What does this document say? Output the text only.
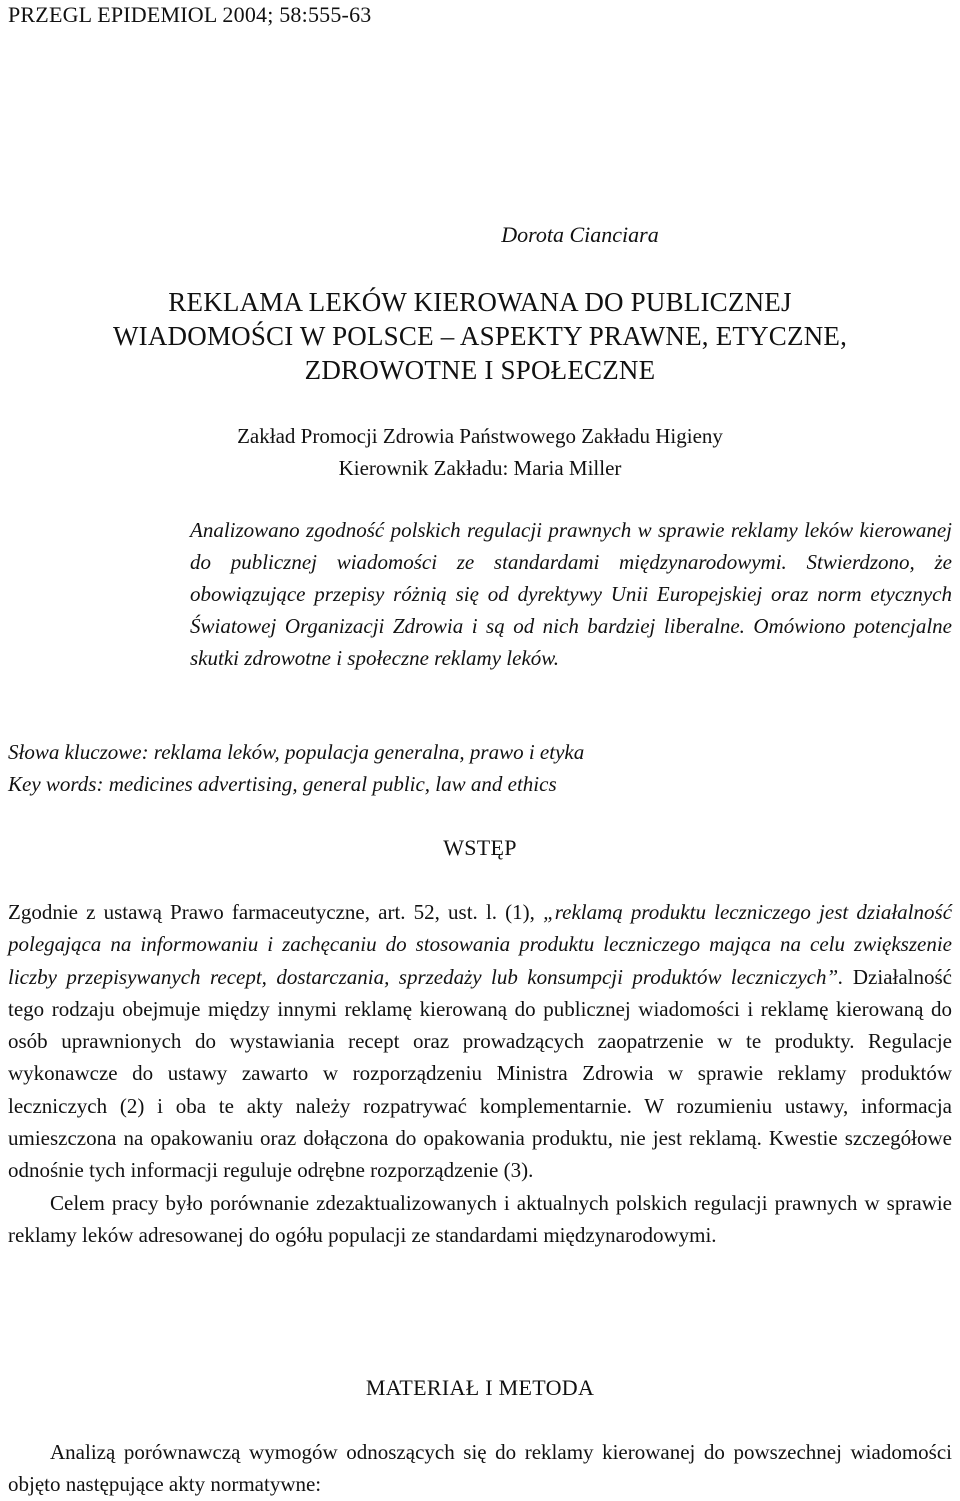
PRZEGL EPIDEMIOL 2004; 58:555-63
Dorota Cianciara
REKLAMA LEKÓW KIEROWANA DO PUBLICZNEJ
WIADOMOŚCI W POLSCE – ASPEKTY PRAWNE, ETYCZNE,
ZDROWOTNE I SPOŁECZNE
Zakład Promocji Zdrowia Państwowego Zakładu Higieny
Kierownik Zakładu: Maria Miller
Analizowano zgodność polskich regulacji prawnych w sprawie reklamy leków kierowanej do publicznej wiadomości ze standardami międzynarodowymi. Stwierdzono, że obowiązujące przepisy różnią się od dyrektywy Unii Europejskiej oraz norm etycznych Światowej Organizacji Zdrowia i są od nich bardziej liberalne. Omówiono potencjalne skutki zdrowotne i społeczne reklamy leków.
Słowa kluczowe: reklama leków, populacja generalna, prawo i etyka
Key words: medicines advertising, general public, law and ethics
WSTĘP

Zgodnie z ustawą Prawo farmaceutyczne, art. 52, ust. l. (1), „reklamą produktu leczniczego jest działalność polegająca na informowaniu i zachęcaniu do stosowania produktu leczniczego mająca na celu zwiększenie liczby przepisywanych recept, dostarczania, sprzedaży lub konsumpcji produktów leczniczych”. Działalność tego rodzaju obejmuje między innymi reklamę kierowaną do publicznej wiadomości i reklamę kierowaną do osób uprawnionych do wystawiania recept oraz prowadzących zaopatrzenie w te produkty. Regulacje wykonawcze do ustawy zawarto w rozporządzeniu Ministra Zdrowia w sprawie reklamy produktów leczniczych (2) i oba te akty należy rozpatrywać komplementarnie. W rozumieniu ustawy, informacja umieszczona na opakowaniu oraz dołączona do opakowania produktu, nie jest reklamą. Kwestie szczegółowe odnośnie tych informacji reguluje odrębne rozporządzenie (3).

Celem pracy było porównanie zdezaktualizowanych i aktualnych polskich regulacji prawnych w sprawie reklamy leków adresowanej do ogółu populacji ze standardami międzynarodowymi.

MATERIAŁ I METODA

Analizą porównawczą wymogów odnoszących się do reklamy kierowanej do powszechnej wiadomości objęto następujące akty normatywne:
